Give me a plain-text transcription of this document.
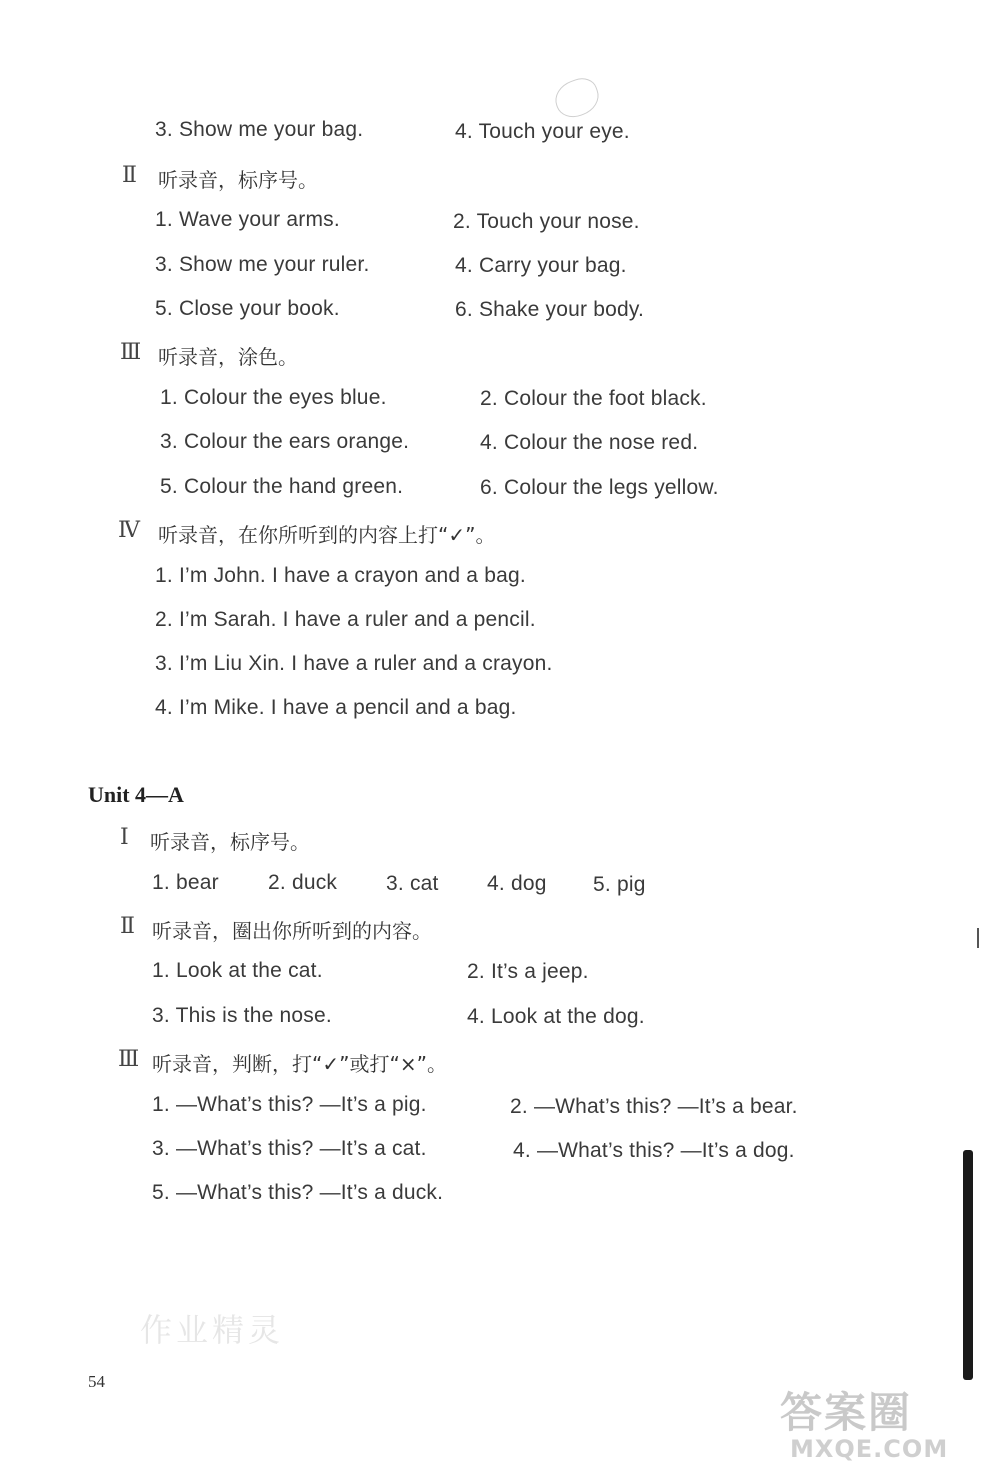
3. Show me your bag.	4. Touch your eye.
Ⅱ 听录音，标序号。
1. Wave your arms.	2. Touch your nose.
3. Show me your ruler.	4. Carry your bag.
5. Close your book.	6. Shake your body.
Ⅲ 听录音，涂色。
1. Colour the eyes blue.	2. Colour the foot black.
3. Colour the ears orange.	4. Colour the nose red.
5. Colour the hand green.	6. Colour the legs yellow.
Ⅳ 听录音，在你所听到的内容上打“✓”。
1. I’m John. I have a crayon and a bag.
2. I’m Sarah. I have a ruler and a pencil.
3. I’m Liu Xin. I have a ruler and a crayon.
4. I’m Mike. I have a pencil and a bag.
Unit 4—A
Ⅰ 听录音，标序号。
1. bear 2. duck 3. cat 4. dog 5. pig
Ⅱ 听录音，圈出你所听到的内容。
1. Look at the cat.	2. It’s a jeep.
3. This is the nose.	4. Look at the dog.
Ⅲ 听录音，判断，打“✓”或打“×”。
1. —What’s this? —It’s a pig.	2. —What’s this? —It’s a bear.
3. —What’s this? —It’s a cat.	4. —What’s this? —It’s a dog.
5. —What’s this? —It’s a duck.
作业精灵
答案圈
MXQE.COM
54
